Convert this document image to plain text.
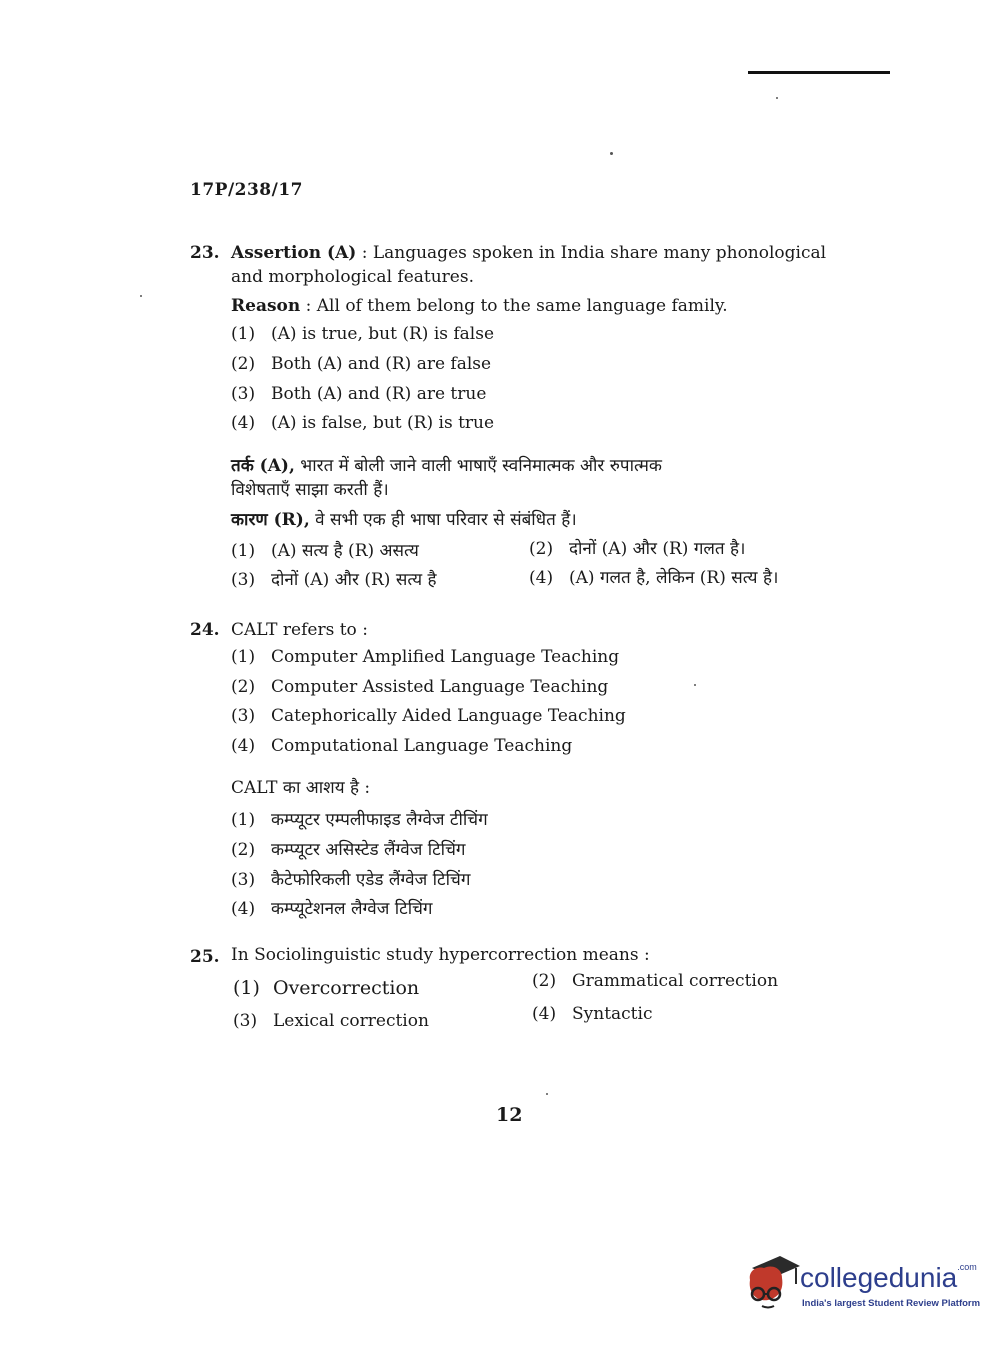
17P/238/17
23. Assertion (A) : Languages spoken in India share many phonological
and morphological features.
Reason : All of them belong to the same language family.
(1) (A) is true, but (R) is false
(2) Both (A) and (R) are false
(3) Both (A) and (R) are true
(4) (A) is false, but (R) is true
तर्क (A), भारत में बोली जाने वाली भाषाएँ स्वनिमात्मक और रुपात्मक
विशेषताएँ साझा करती हैं।
कारण (R), वे सभी एक ही भाषा परिवार से संबंधित हैं।
(1) (A) सत्य है (R) असत्य	(2) दोनों (A) और (R) गलत है।
(3) दोनों (A) और (R) सत्य है	(4) (A) गलत है, लेकिन (R) सत्य है।
24. CALT refers to :
(1) Computer Amplified Language Teaching
(2) Computer Assisted Language Teaching
(3) Catephorically Aided Language Teaching
(4) Computational Language Teaching
CALT का आशय है :
(1) कम्प्यूटर एम्पलीफाइड लैग्वेज टीचिंग
(2) कम्प्यूटर असिस्टेड लैंग्वेज टिचिंग
(3) कैटेफोरिकली एडेड लैंग्वेज टिचिंग
(4) कम्प्यूटेशनल लैग्वेज टिचिंग
25. In Sociolinguistic study hypercorrection means :
(1) Overcorrection	(2) Grammatical correction
(3) Lexical correction	(4) Syntactic
12
collegedunia$^{.com}$
India's largest Student Review Platform
